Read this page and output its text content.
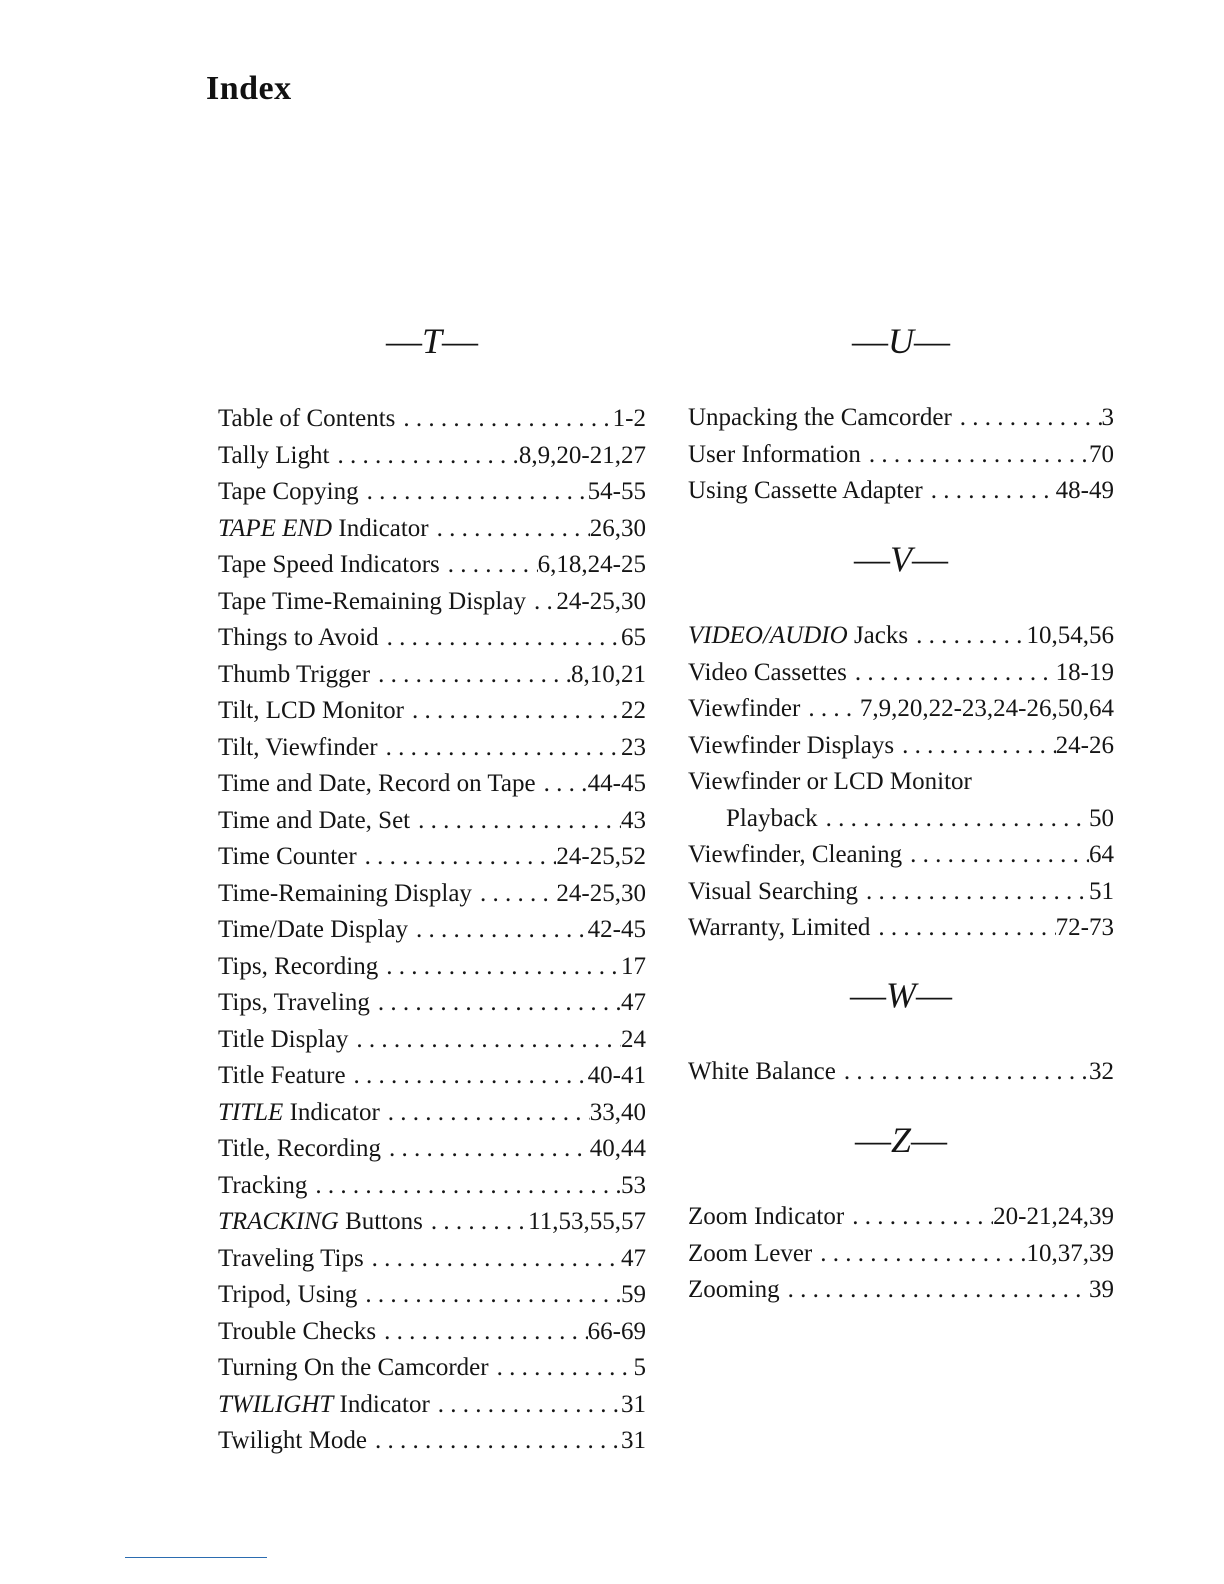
Index
—T—
Table of Contents . . .	1-2
Tally Light . . .	8,9,20-21,27
Tape Copying . . .	54-55
TAPE END Indicator . . .	26,30
Tape Speed Indicators . . .	6,18,24-25
Tape Time-Remaining Display . . . 24-25,30
Things to Avoid . . .	65
Thumb Trigger . . .	8,10,21
Tilt, LCD Monitor . . .	22
Tilt, Viewfinder . . .	23
Time and Date, Record on Tape . . . 44-45
Time and Date, Set . . .	43
Time Counter . . .	24-25,52
Time-Remaining Display . . .	24-25,30
Time/Date Display . . .	42-45
Tips, Recording . . .	17
Tips, Traveling . . .	47
Title Display . . .	24
Title Feature . . .	40-41
TITLE Indicator . . .	33,40
Title, Recording . . .	40,44
Tracking . . .	53
TRACKING Buttons . . .	11,53,55,57
Traveling Tips . . .	47
Tripod, Using . . .	59
Trouble Checks . . .	66-69
Turning On the Camcorder . . .	5
TWILIGHT Indicator . . .	31
Twilight Mode . . .	31
—U—
Unpacking the Camcorder . . .	3
User Information . . .	70
Using Cassette Adapter . . .	48-49
—V—
VIDEO/AUDIO Jacks . . .	10,54,56
Video Cassettes . . .	18-19
Viewfinder . . . 7,9,20,22-23,24-26,50,64
Viewfinder Displays . . .	24-26
Viewfinder or LCD Monitor
Playback . . .	50
Viewfinder, Cleaning . . .	64
Visual Searching . . .	51
Warranty, Limited . . .	72-73
—W—
White Balance . . .	32
—Z—
Zoom Indicator . . .	20-21,24,39
Zoom Lever . . .	10,37,39
Zooming . . .	39
